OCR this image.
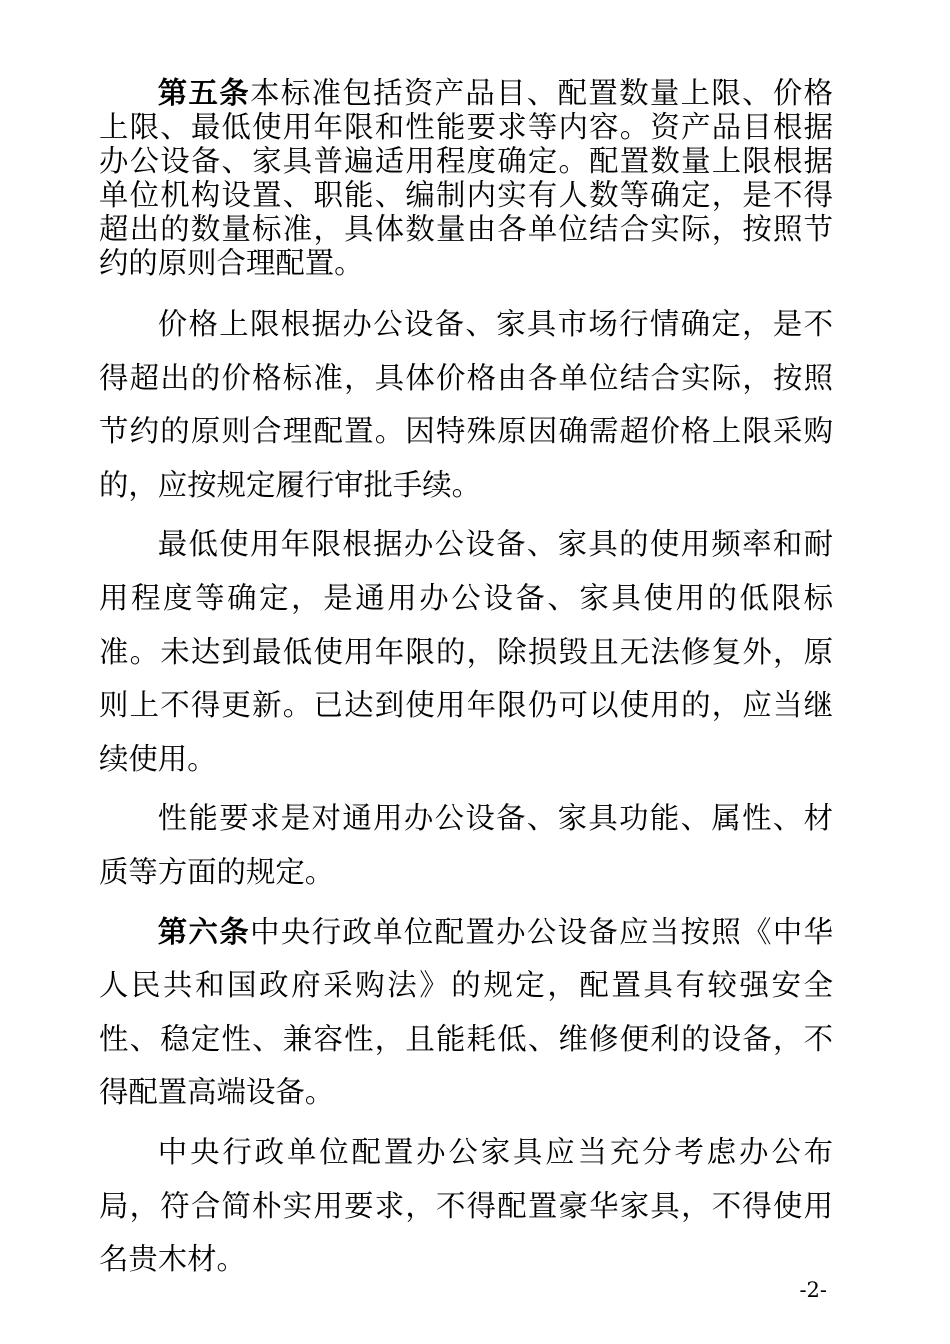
第五条本标准包括资产品目、配置数量上限、价格上限、最低使用年限和性能要求等内容。资产品目根据办公设备、家具普遍适用程度确定。配置数量上限根据单位机构设置、职能、编制内实有人数等确定，是不得超出的数量标准，具体数量由各单位结合实际，按照节约的原则合理配置。

价格上限根据办公设备、家具市场行情确定，是不得超出的价格标准，具体价格由各单位结合实际，按照节约的原则合理配置。因特殊原因确需超价格上限采购的，应按规定履行审批手续。

最低使用年限根据办公设备、家具的使用频率和耐用程度等确定，是通用办公设备、家具使用的低限标准。未达到最低使用年限的，除损毁且无法修复外，原则上不得更新。已达到使用年限仍可以使用的，应当继续使用。

性能要求是对通用办公设备、家具功能、属性、材质等方面的规定。

第六条中央行政单位配置办公设备应当按照《中华人民共和国政府采购法》的规定，配置具有较强安全性、稳定性、兼容性，且能耗低、维修便利的设备，不得配置高端设备。

中央行政单位配置办公家具应当充分考虑办公布局，符合简朴实用要求，不得配置豪华家具，不得使用名贵木材。

-2-
